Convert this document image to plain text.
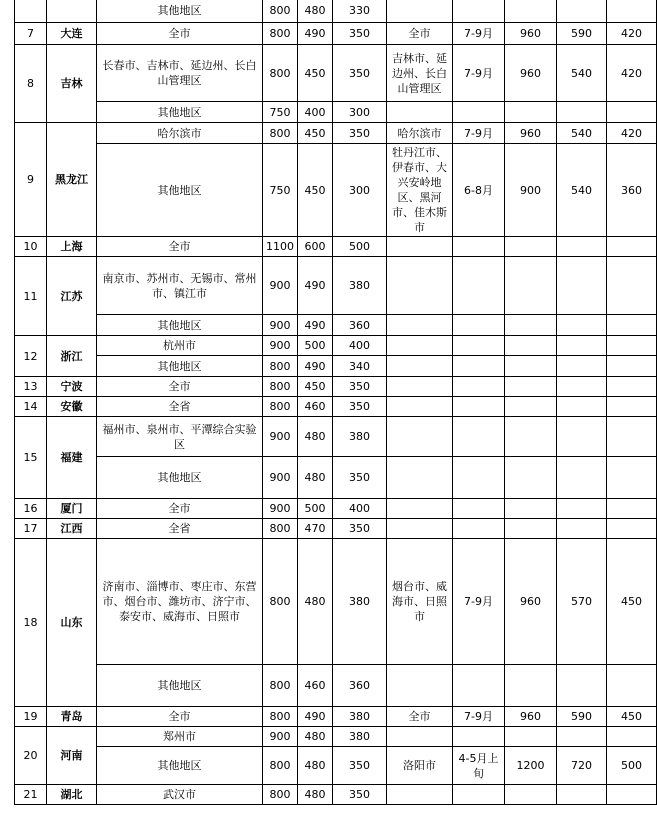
		其他地区	800	480	330					
7	大连	全市	800	490	350	全市	7-9月	960	590	420
8	吉林	长春市、吉林市、延边州、长白山管理区	800	450	350	吉林市、延边州、长白山管理区	7-9月	960	540	420
		其他地区	750	400	300					
9	黑龙江	哈尔滨市	800	450	350	哈尔滨市	7-9月	960	540	420
		其他地区	750	450	300	牡丹江市、伊春市、大兴安岭地区、黑河市、佳木斯市	6-8月	900	540	360
10	上海	全市	1100	600	500					
11	江苏	南京市、苏州市、无锡市、常州市、镇江市	900	490	380					
		其他地区	900	490	360					
12	浙江	杭州市	900	500	400					
		其他地区	800	490	340					
13	宁波	全市	800	450	350					
14	安徽	全省	800	460	350					
15	福建	福州市、泉州市、平潭综合实验区	900	480	380					
		其他地区	900	480	350					
16	厦门	全市	900	500	400					
17	江西	全省	800	470	350					
18	山东	济南市、淄博市、枣庄市、东营市、烟台市、潍坊市、济宁市、泰安市、威海市、日照市	800	480	380	烟台市、威海市、日照市	7-9月	960	570	450
		其他地区	800	460	360					
19	青岛	全市	800	490	380	全市	7-9月	960	590	450
20	河南	郑州市	900	480	380					
		其他地区	800	480	350	洛阳市	4-5月上旬	1200	720	500
21	湖北	武汉市	800	480	350					
